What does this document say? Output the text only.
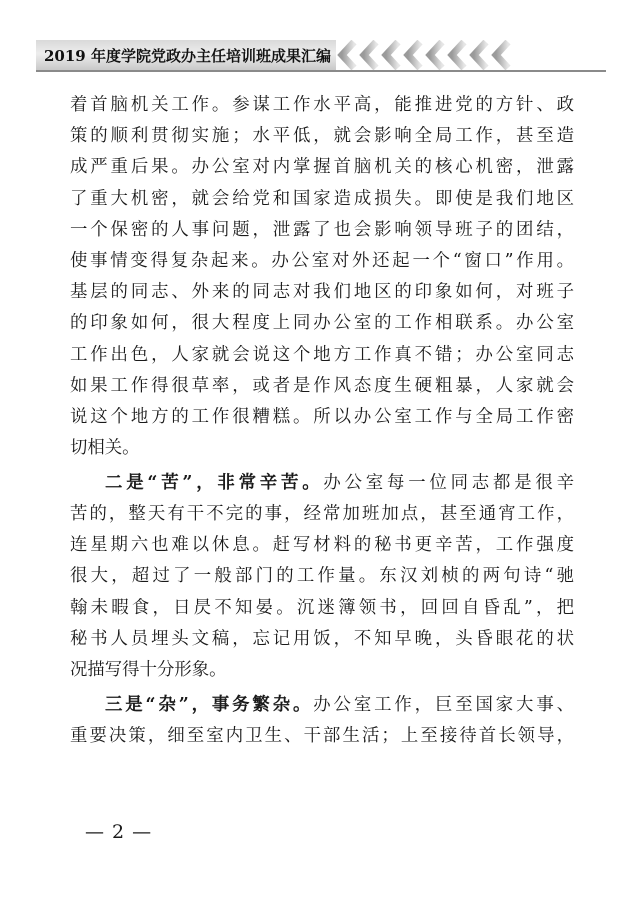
2019 年度学院党政办主任培训班成果汇编
着首脑机关工作。参谋工作水平高，能推进党的方针、政
策的顺利贯彻实施；水平低，就会影响全局工作，甚至造
成严重后果。办公室对内掌握首脑机关的核心机密，泄露
了重大机密，就会给党和国家造成损失。即使是我们地区
一个保密的人事问题，泄露了也会影响领导班子的团结，
使事情变得复杂起来。办公室对外还起一个“窗口”作用。
基层的同志、外来的同志对我们地区的印象如何，对班子
的印象如何，很大程度上同办公室的工作相联系。办公室
工作出色，人家就会说这个地方工作真不错；办公室同志
如果工作得很草率，或者是作风态度生硬粗暴，人家就会
说这个地方的工作很糟糕。所以办公室工作与全局工作密
切相关。
二是“苦”，非常辛苦。办公室每一位同志都是很辛
苦的，整天有干不完的事，经常加班加点，甚至通宵工作，
连星期六也难以休息。赶写材料的秘书更辛苦，工作强度
很大，超过了一般部门的工作量。东汉刘桢的两句诗“驰
翰未暇食，日昃不知晏。沉迷簿领书，回回自昏乱”，把
秘书人员埋头文稿，忘记用饭，不知早晚，头昏眼花的状
况描写得十分形象。
三是“杂”，事务繁杂。办公室工作，巨至国家大事、
重要决策，细至室内卫生、干部生活；上至接待首长领导，
— 2 —
